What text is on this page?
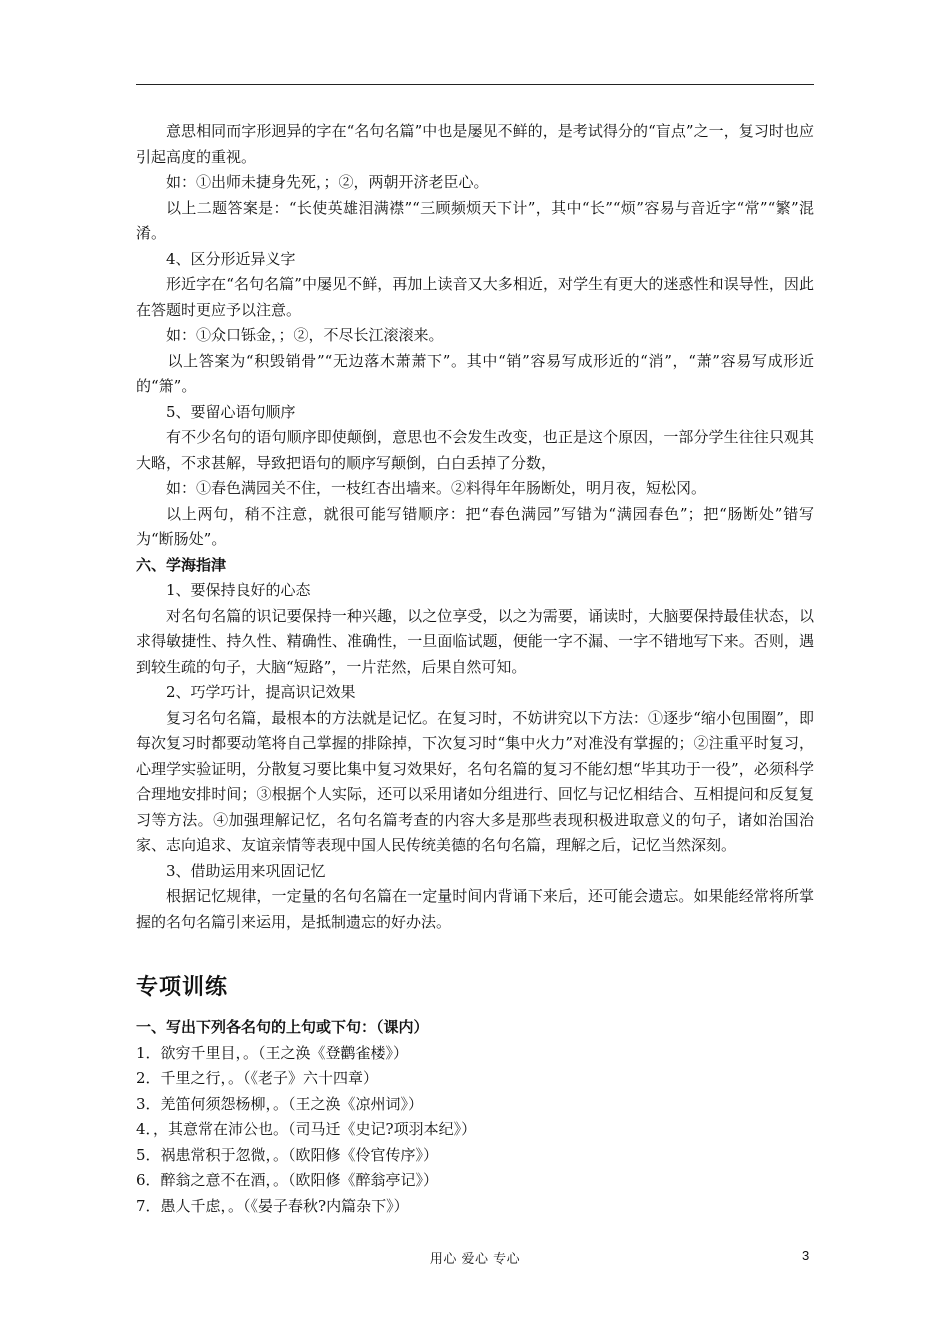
意思相同而字形迥异的字在“名句名篇”中也是屡见不鲜的，是考试得分的“盲点”之一，复习时也应引起高度的重视。

如：①出师未捷身先死，；②，两朝开济老臣心。

以上二题答案是：“长使英雄泪满襟”“三顾频烦天下计”，其中“长”“烦”容易与音近字“常”“繁”混淆。

4、区分形近异义字

形近字在“名句名篇”中屡见不鲜，再加上读音又大多相近，对学生有更大的迷惑性和误导性，因此在答题时更应予以注意。

如：①众口铄金，；②，不尽长江滚滚来。

以上答案为“积毁销骨”“无边落木萧萧下”。其中“销”容易写成形近的“消”，“萧”容易写成形近的“箫”。

5、要留心语句顺序

有不少名句的语句顺序即使颠倒，意思也不会发生改变，也正是这个原因，一部分学生往往只观其大略，不求甚解，导致把语句的顺序写颠倒，白白丢掉了分数，

如：①春色满园关不住，一枝红杏出墙来。②料得年年肠断处，明月夜，短松冈。

以上两句，稍不注意，就很可能写错顺序：把“春色满园”写错为“满园春色”；把“肠断处”错写为“断肠处”。

六、学海指津

1、要保持良好的心态

对名句名篇的识记要保持一种兴趣，以之位享受，以之为需要，诵读时，大脑要保持最佳状态，以求得敏捷性、持久性、精确性、准确性，一旦面临试题，便能一字不漏、一字不错地写下来。否则，遇到较生疏的句子，大脑“短路”，一片茫然，后果自然可知。

2、巧学巧计，提高识记效果

复习名句名篇，最根本的方法就是记忆。在复习时，不妨讲究以下方法：①逐步“缩小包围圈”，即每次复习时都要动笔将自己掌握的排除掉，下次复习时“集中火力”对准没有掌握的；②注重平时复习，心理学实验证明，分散复习要比集中复习效果好，名句名篇的复习不能幻想“毕其功于一役”，必须科学合理地安排时间；③根据个人实际，还可以采用诸如分组进行、回忆与记忆相结合、互相提问和反复复习等方法。④加强理解记忆，名句名篇考查的内容大多是那些表现积极进取意义的句子，诸如治国治家、志向追求、友谊亲情等表现中国人民传统美德的名句名篇，理解之后，记忆当然深刻。

3、借助运用来巩固记忆

根据记忆规律，一定量的名句名篇在一定量时间内背诵下来后，还可能会遗忘。如果能经常将所掌握的名句名篇引来运用，是抵制遗忘的好办法。

专项训练

一、写出下列各名句的上句或下句：（课内）

1．欲穷千里目，。（王之涣《登鹳雀楼》）

2．千里之行，。（《老子》六十四章）

3．羌笛何须怨杨柳，。（王之涣《凉州词》）

4．，其意常在沛公也。（司马迁《史记?项羽本纪》）

5．祸患常积于忽微，。（欧阳修《伶官传序》）

6．醉翁之意不在酒，。（欧阳修《醉翁亭记》）

7．愚人千虑，。（《晏子春秋?内篇杂下》）

用心 爱心 专心	3
